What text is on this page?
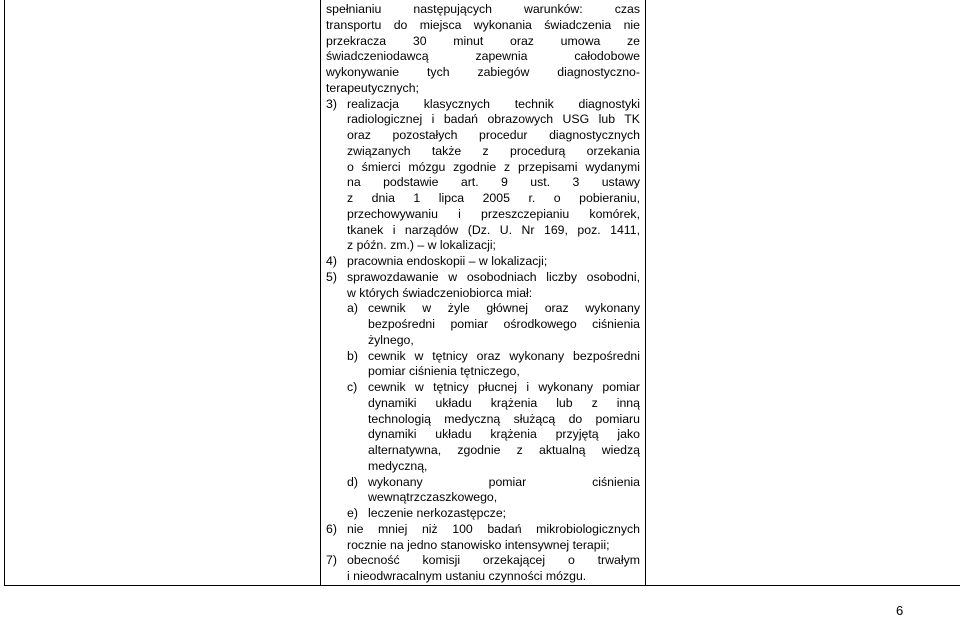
spełnianiu następujących warunków: czas
transportu do miejsca wykonania świadczenia nie
przekracza 30 minut oraz umowa ze
świadczeniodawcą zapewnia całodobowe
wykonywanie tych zabiegów diagnostyczno-
terapeutycznych;
3) realizacja klasycznych technik diagnostyki
radiologicznej i badań obrazowych USG lub TK
oraz pozostałych procedur diagnostycznych
związanych także z procedurą orzekania
o śmierci mózgu zgodnie z przepisami wydanymi
na podstawie art. 9 ust. 3 ustawy
z dnia 1 lipca 2005 r. o pobieraniu,
przechowywaniu i przeszczepianiu komórek,
tkanek i narządów (Dz. U. Nr 169, poz. 1411,
z późn. zm.) – w lokalizacji;
4) pracownia endoskopii – w lokalizacji;
5) sprawozdawanie w osobodniach liczby osobodni,
w których świadczeniobiorca miał:
a) cewnik w żyle głównej oraz wykonany
bezpośredni pomiar ośrodkowego ciśnienia
żylnego,
b) cewnik w tętnicy oraz wykonany bezpośredni
pomiar ciśnienia tętniczego,
c) cewnik w tętnicy płucnej i wykonany pomiar
dynamiki układu krążenia lub z inną
technologią medyczną służącą do pomiaru
dynamiki układu krążenia przyjętą jako
alternatywna, zgodnie z aktualną wiedzą
medyczną,
d) wykonany pomiar ciśnienia
wewnątrzczaszkowego,
e) leczenie nerkozastępcze;
6) nie mniej niż 100 badań mikrobiologicznych
rocznie na jedno stanowisko intensywnej terapii;
7) obecność komisji orzekającej o trwałym
i nieodwracalnym ustaniu czynności mózgu.

6
